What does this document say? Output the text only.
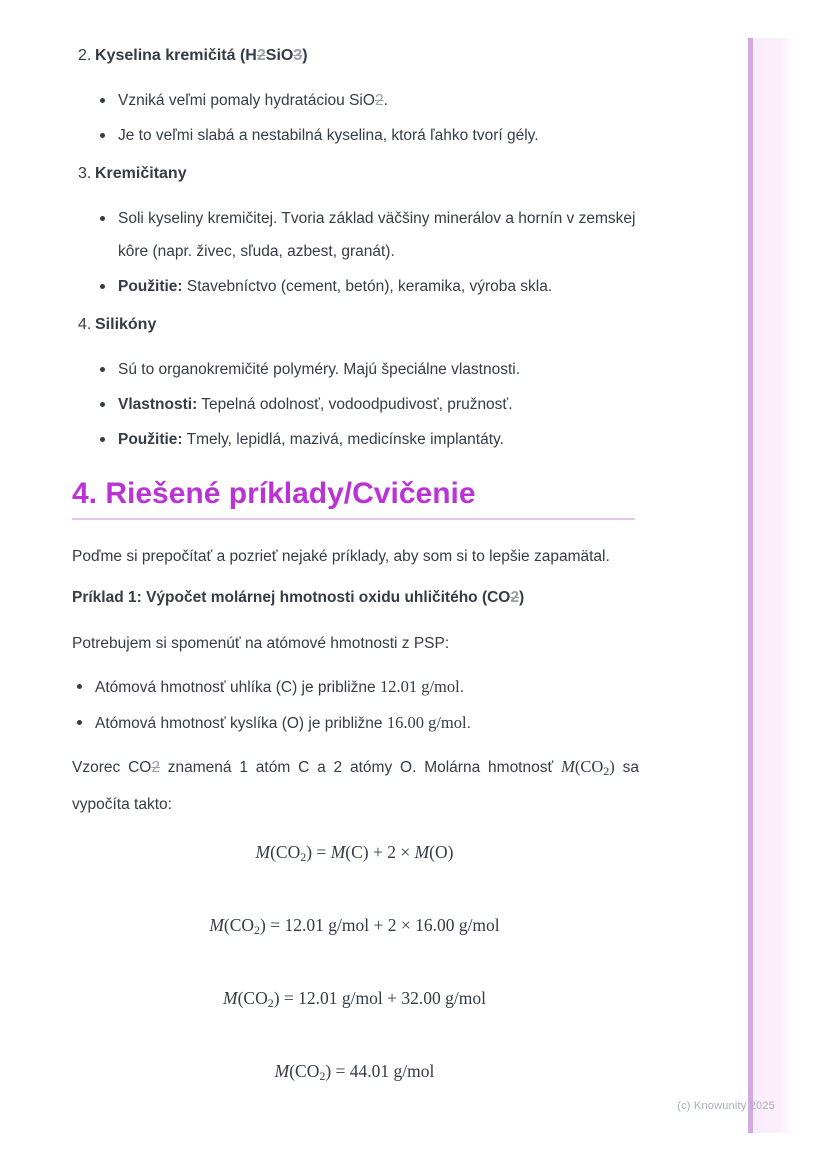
2. Kyselina kremičitá (H2SiO3)
Vzniká veľmi pomaly hydratáciou SiO2.
Je to veľmi slabá a nestabilná kyselina, ktorá ľahko tvorí gély.
3. Kremičitany
Soli kyseliny kremičitej. Tvoria základ väčšiny minerálov a hornín v zemskej kôre (napr. živec, sľuda, azbest, granát).
Použitie: Stavebníctvo (cement, betón), keramika, výroba skla.
4. Silikóny
Sú to organokremičité polyméry. Majú špeciálne vlastnosti.
Vlastnosti: Tepelná odolnosť, vodoodpudivosť, pružnosť.
Použitie: Tmely, lepidlá, mazivá, medicínske implantáty.
4. Riešené príklady/Cvičenie

Poďme si prepočítať a pozrieť nejaké príklady, aby som si to lepšie zapamätal.

Príklad 1: Výpočet molárnej hmotnosti oxidu uhličitého (CO2)

Potrebujem si spomenúť na atómové hmotnosti z PSP:

Atómová hmotnosť uhlíka (C) je približne 12.01 g/mol.
Atómová hmotnosť kyslíka (O) je približne 16.00 g/mol.

Vzorec CO2 znamená 1 atóm C a 2 atómy O. Molárna hmotnosť M(CO2) sa vypočíta takto:

M(CO2) = M(C) + 2 × M(O)
M(CO2) = 12.01 g/mol + 2 × 16.00 g/mol
M(CO2) = 12.01 g/mol + 32.00 g/mol
M(CO2) = 44.01 g/mol
(c) Knowunity 2025
